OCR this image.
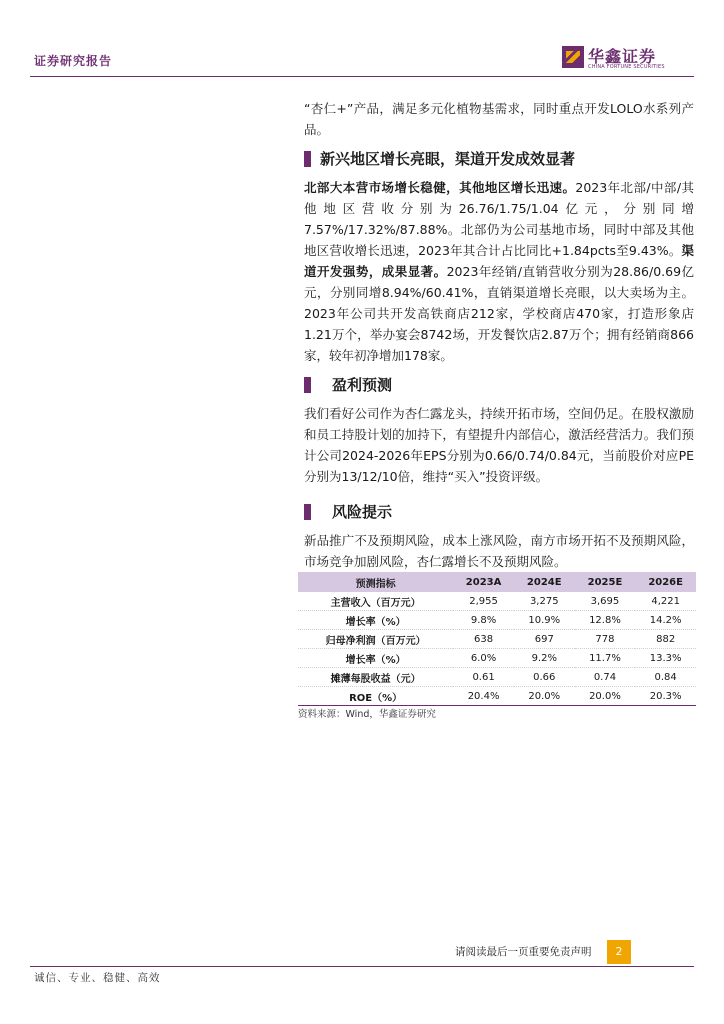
证券研究报告	华鑫证券
CHINA FORTUNE SECURITIES

“杏仁+”产品，满足多元化植物基需求，同时重点开发LOLO水系列产品。

新兴地区增长亮眼，渠道开发成效显著

北部大本营市场增长稳健，其他地区增长迅速。2023年北部/中部/其他地区营收分别为26.76/1.75/1.04亿元，分别同增7.57%/17.32%/87.88%。北部仍为公司基地市场，同时中部及其他地区营收增长迅速，2023年其合计占比同比+1.84pcts至9.43%。渠道开发强势，成果显著。2023年经销/直销营收分别为28.86/0.69亿元，分别同增8.94%/60.41%，直销渠道增长亮眼，以大卖场为主。2023年公司共开发高铁商店212家，学校商店470家，打造形象店1.21万个，举办宴会8742场，开发餐饮店2.87万个；拥有经销商866家，较年初净增加178家。

盈利预测

我们看好公司作为杏仁露龙头，持续开拓市场，空间仍足。在股权激励和员工持股计划的加持下，有望提升内部信心，激活经营活力。我们预计公司2024-2026年EPS分别为0.66/0.74/0.84元，当前股价对应PE分别为13/12/10倍，维持“买入”投资评级。

风险提示

新品推广不及预期风险，成本上涨风险，南方市场开拓不及预期风险，市场竞争加剧风险，杏仁露增长不及预期风险。

预测指标	2023A	2024E	2025E	2026E
主营收入（百万元）	2,955	3,275	3,695	4,221
增长率（%）	9.8%	10.9%	12.8%	14.2%
归母净利润（百万元）	638	697	778	882
增长率（%）	6.0%	9.2%	11.7%	13.3%
摊薄每股收益（元）	0.61	0.66	0.74	0.84
ROE（%）	20.4%	20.0%	20.0%	20.3%
资料来源：Wind，华鑫证券研究
请阅读最后一页重要免责声明	2
诚信、专业、稳健、高效
